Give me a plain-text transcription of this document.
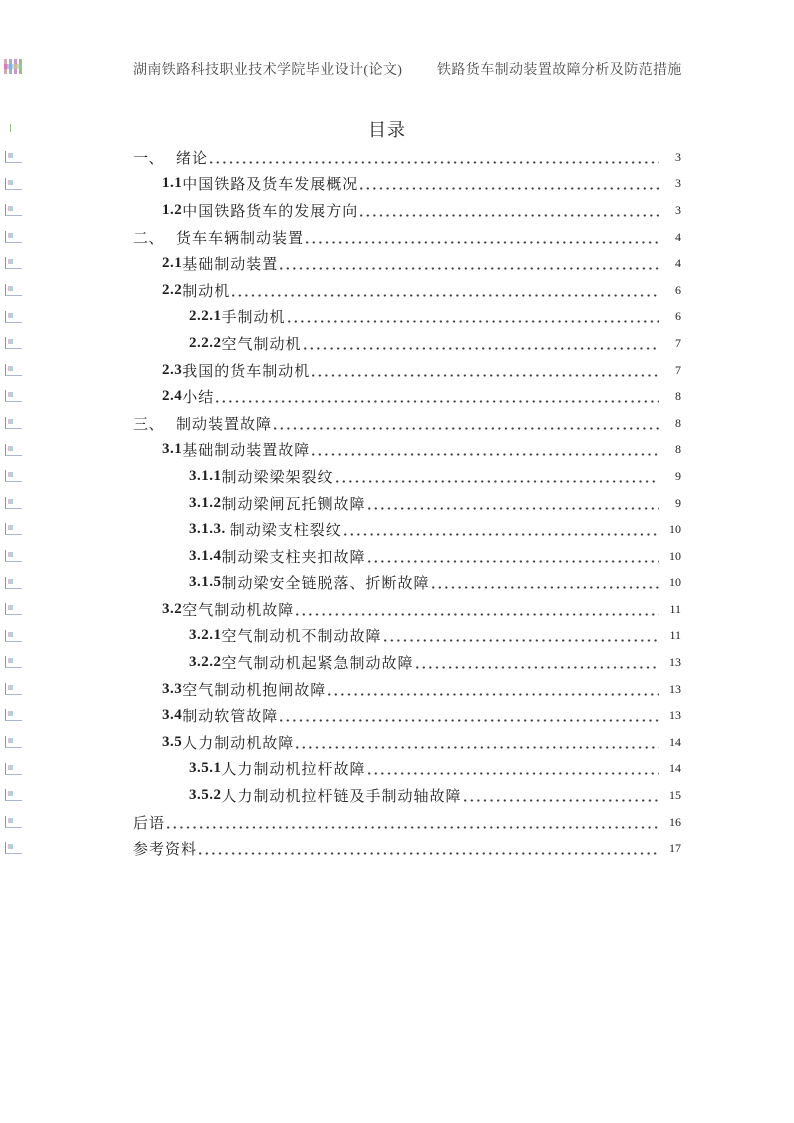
湖南铁路科技职业技术学院毕业设计(论文) 铁路货车制动装置故障分析及防范措施
目录
一、 绪论	3
1.1 中国铁路及货车发展概况	3
1.2 中国铁路货车的发展方向	3
二、 货车车辆制动装置	4
2.1 基础制动装置	4
2.2 制动机	6
2.2.1 手制动机	6
2.2.2 空气制动机	7
2.3 我国的货车制动机	7
2.4 小结	8
三、 制动装置故障	8
3.1 基础制动装置故障	8
3.1.1 制动梁梁架裂纹	9
3.1.2 制动梁闸瓦托铡故障	9
3.1.3. 制动梁支柱裂纹	10
3.1.4 制动梁支柱夹扣故障	10
3.1.5 制动梁安全链脱落、折断故障	10
3.2 空气制动机故障	11
3.2.1 空气制动机不制动故障	11
3.2.2 空气制动机起紧急制动故障	13
3.3 空气制动机抱闸故障	13
3.4 制动软管故障	13
3.5 人力制动机故障	14
3.5.1 人力制动机拉杆故障	14
3.5.2 人力制动机拉杆链及手制动轴故障	15
后语	16
参考资料	17
